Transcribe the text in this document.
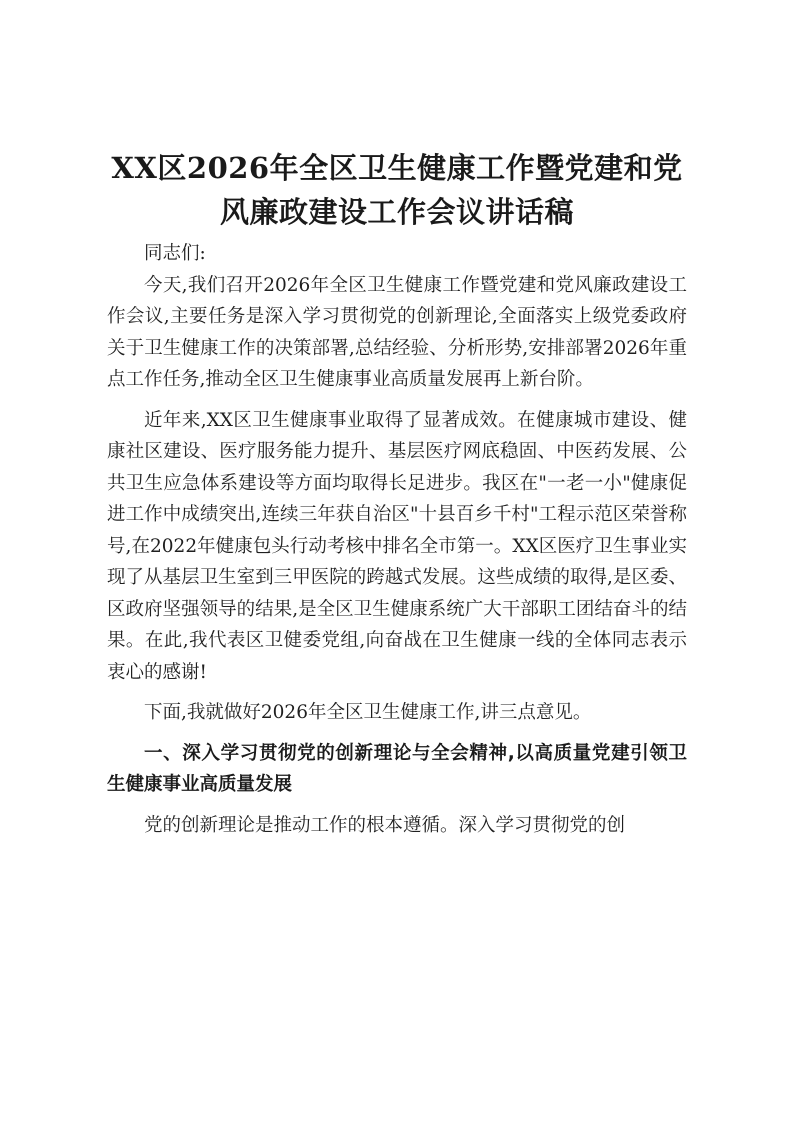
XX区2026年全区卫生健康工作暨党建和党风廉政建设工作会议讲话稿

同志们:

今天,我们召开2026年全区卫生健康工作暨党建和党风廉政建设工作会议,主要任务是深入学习贯彻党的创新理论,全面落实上级党委政府关于卫生健康工作的决策部署,总结经验、分析形势,安排部署2026年重点工作任务,推动全区卫生健康事业高质量发展再上新台阶。

近年来,XX区卫生健康事业取得了显著成效。在健康城市建设、健康社区建设、医疗服务能力提升、基层医疗网底稳固、中医药发展、公共卫生应急体系建设等方面均取得长足进步。我区在"一老一小"健康促进工作中成绩突出,连续三年获自治区"十县百乡千村"工程示范区荣誉称号,在2022年健康包头行动考核中排名全市第一。XX区医疗卫生事业实现了从基层卫生室到三甲医院的跨越式发展。这些成绩的取得,是区委、区政府坚强领导的结果,是全区卫生健康系统广大干部职工团结奋斗的结果。在此,我代表区卫健委党组,向奋战在卫生健康一线的全体同志表示衷心的感谢!

下面,我就做好2026年全区卫生健康工作,讲三点意见。

一、深入学习贯彻党的创新理论与全会精神,以高质量党建引领卫生健康事业高质量发展

党的创新理论是推动工作的根本遵循。深入学习贯彻党的创
